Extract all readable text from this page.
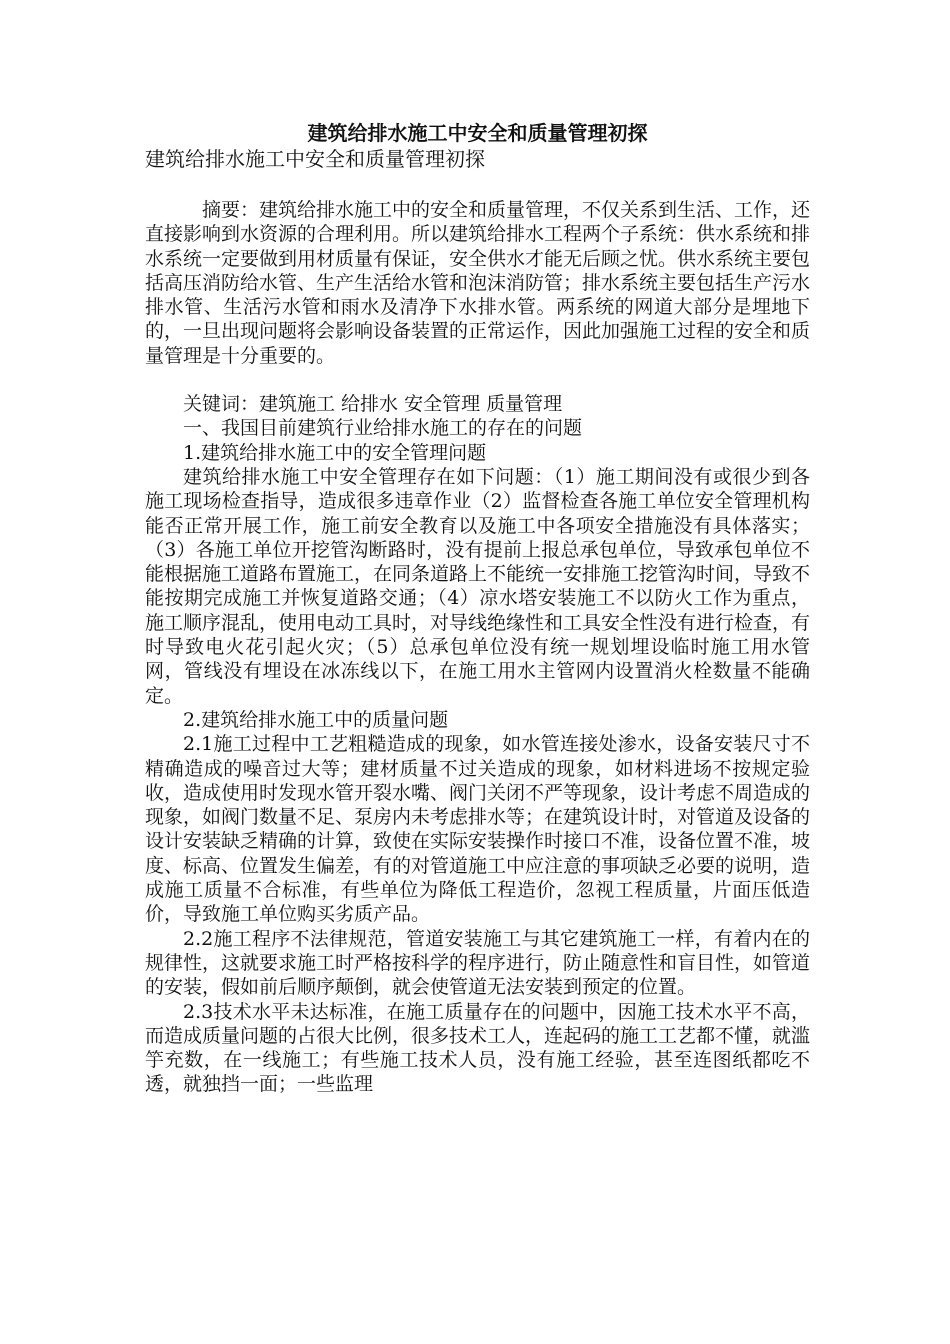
建筑给排水施工中安全和质量管理初探

建筑给排水施工中安全和质量管理初探

摘要：建筑给排水施工中的安全和质量管理，不仅关系到生活、工作，还直接影响到水资源的合理利用。所以建筑给排水工程两个子系统：供水系统和排水系统一定要做到用材质量有保证，安全供水才能无后顾之忧。供水系统主要包括高压消防给水管、生产生活给水管和泡沫消防管；排水系统主要包括生产污水排水管、生活污水管和雨水及清净下水排水管。两系统的网道大部分是埋地下的，一旦出现问题将会影响设备装置的正常运作，因此加强施工过程的安全和质量管理是十分重要的。

关键词：建筑施工 给排水 安全管理 质量管理

一、我国目前建筑行业给排水施工的存在的问题

1.建筑给排水施工中的安全管理问题

建筑给排水施工中安全管理存在如下问题：（1）施工期间没有或很少到各施工现场检查指导，造成很多违章作业（2）监督检查各施工单位安全管理机构能否正常开展工作，施工前安全教育以及施工中各项安全措施没有具体落实；（3）各施工单位开挖管沟断路时，没有提前上报总承包单位，导致承包单位不能根据施工道路布置施工，在同条道路上不能统一安排施工挖管沟时间，导致不能按期完成施工并恢复道路交通；（4）凉水塔安装施工不以防火工作为重点，施工顺序混乱，使用电动工具时，对导线绝缘性和工具安全性没有进行检查，有时导致电火花引起火灾；（5）总承包单位没有统一规划埋设临时施工用水管网，管线没有埋设在冰冻线以下，在施工用水主管网内设置消火栓数量不能确定。

2.建筑给排水施工中的质量问题

2.1施工过程中工艺粗糙造成的现象，如水管连接处渗水，设备安装尺寸不精确造成的噪音过大等；建材质量不过关造成的现象，如材料进场不按规定验收，造成使用时发现水管开裂水嘴、阀门关闭不严等现象，设计考虑不周造成的现象，如阀门数量不足、泵房内未考虑排水等；在建筑设计时，对管道及设备的设计安装缺乏精确的计算，致使在实际安装操作时接口不准，设备位置不准，坡度、标高、位置发生偏差，有的对管道施工中应注意的事项缺乏必要的说明，造成施工质量不合标准，有些单位为降低工程造价，忽视工程质量，片面压低造价，导致施工单位购买劣质产品。

2.2施工程序不法律规范，管道安装施工与其它建筑施工一样，有着内在的规律性，这就要求施工时严格按科学的程序进行，防止随意性和盲目性，如管道的安装，假如前后顺序颠倒，就会使管道无法安装到预定的位置。

2.3技术水平未达标准，在施工质量存在的问题中，因施工技术水平不高，而造成质量问题的占很大比例，很多技术工人，连起码的施工工艺都不懂，就滥竽充数，在一线施工；有些施工技术人员，没有施工经验，甚至连图纸都吃不透，就独挡一面；一些监理
